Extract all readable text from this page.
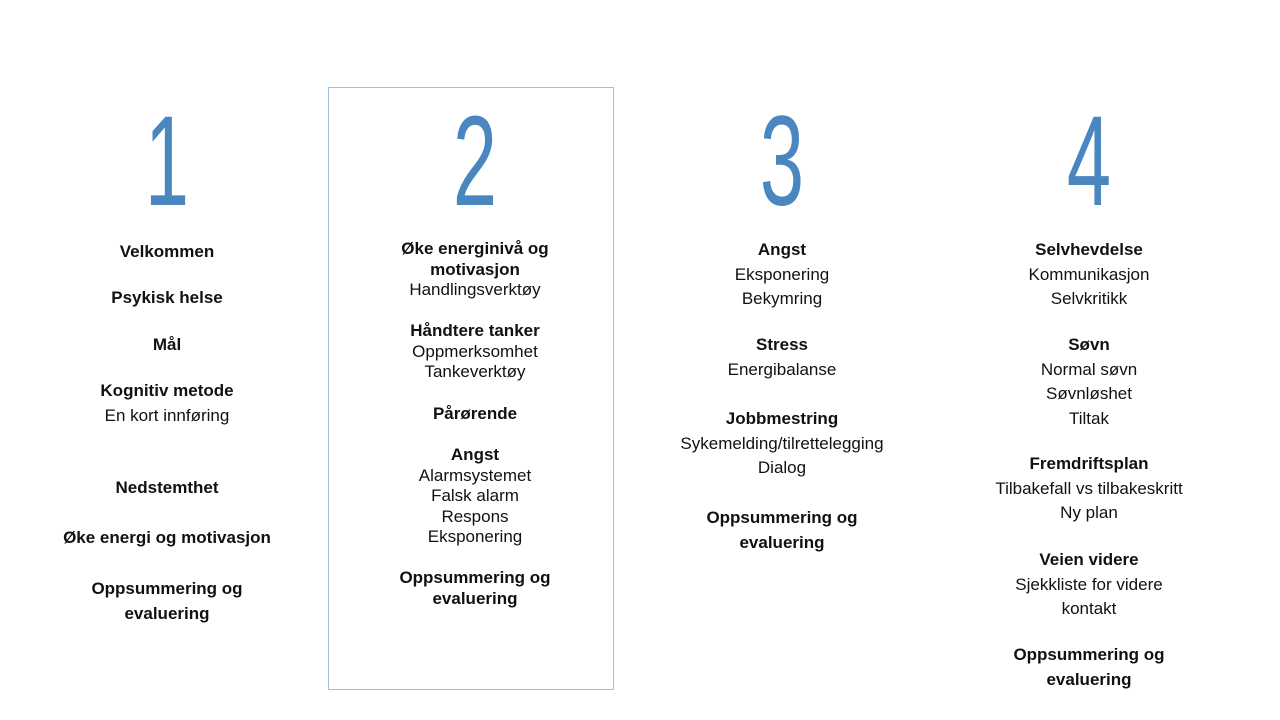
1
Velkommen
Psykisk helse
Mål
Kognitiv metode
En kort innføring
Nedstemthet
Øke energi og motivasjon
Oppsummering og
evaluering
2
Øke energinivå og
motivasjon
Handlingsverktøy
Håndtere tanker
Oppmerksomhet
Tankeverktøy
Pårørende
Angst
Alarmsystemet
Falsk alarm
Respons
Eksponering
Oppsummering og
evaluering
3
Angst
Eksponering
Bekymring
Stress
Energibalanse
Jobbmestring
Sykemelding/tilrettelegging
Dialog
Oppsummering og
evaluering
4
Selvhevdelse
Kommunikasjon
Selvkritikk
Søvn
Normal søvn
Søvnløshet
Tiltak
Fremdriftsplan
Tilbakefall vs tilbakeskritt
Ny plan
Veien videre
Sjekkliste for videre
kontakt
Oppsummering og
evaluering
